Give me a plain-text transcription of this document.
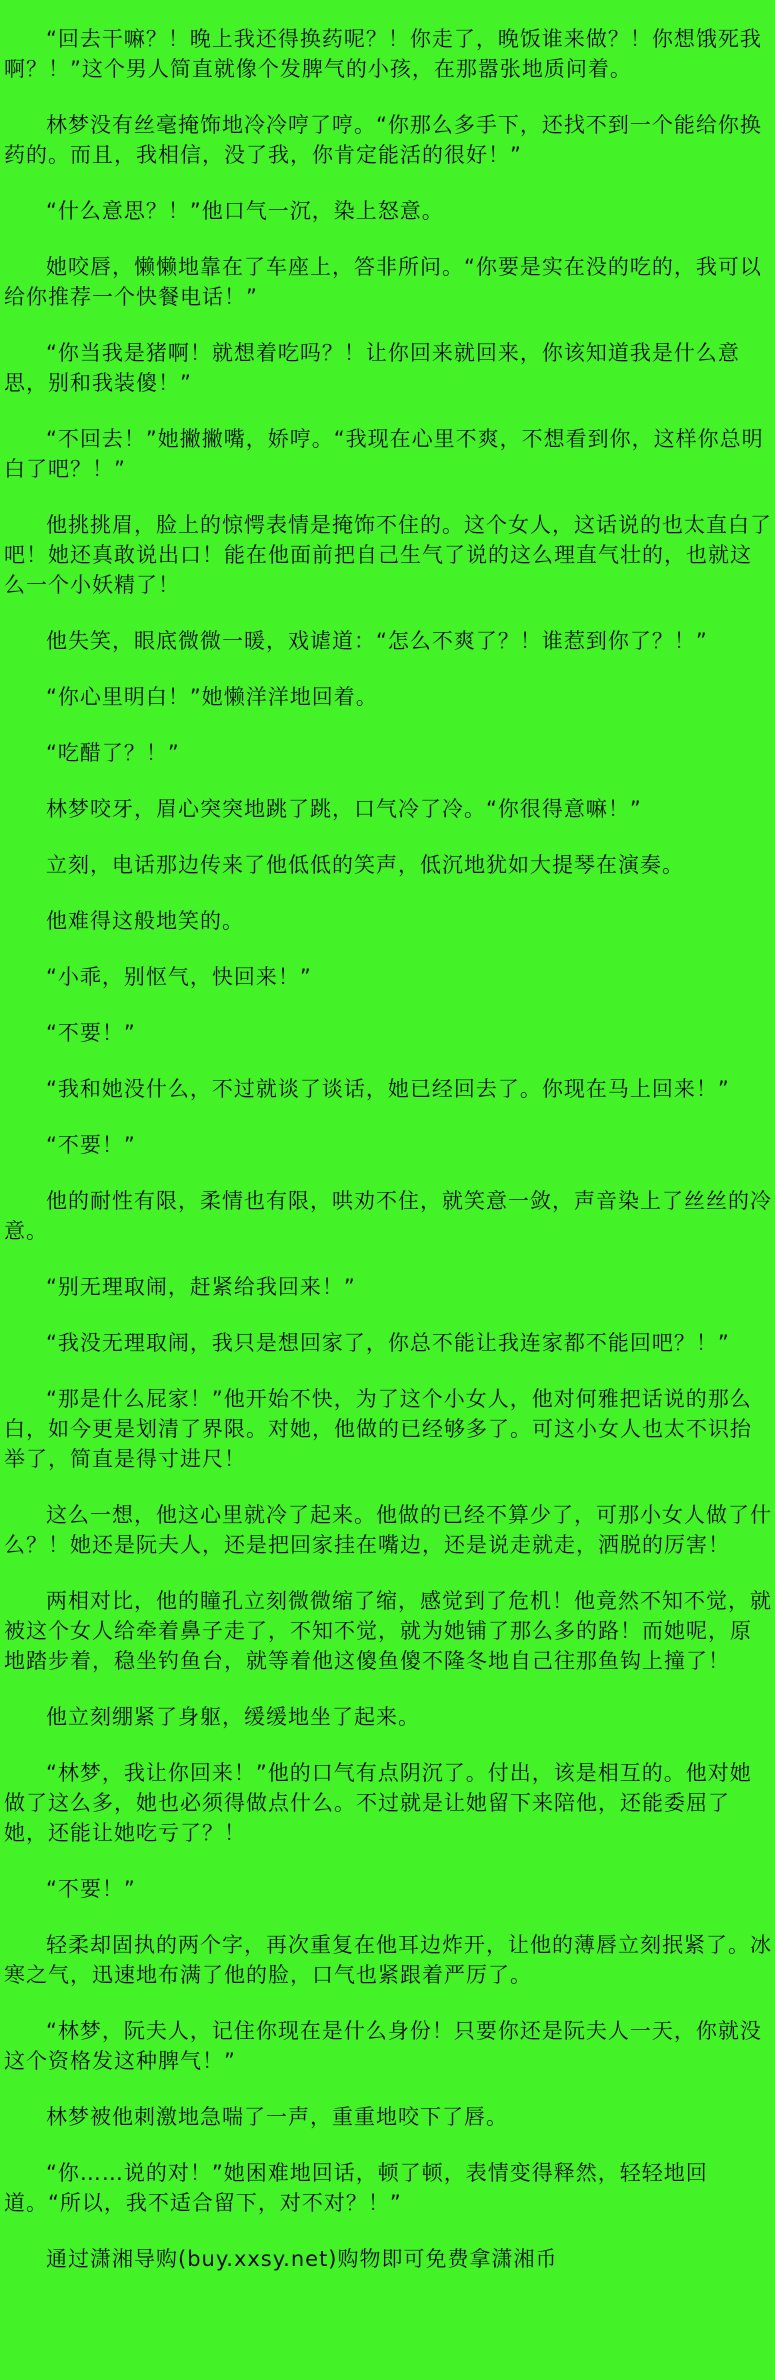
“回去干嘛？！晚上我还得换药呢？！你走了，晚饭谁来做？！你想饿死我啊？！”这个男人简直就像个发脾气的小孩，在那嚣张地质问着。

林梦没有丝毫掩饰地冷冷哼了哼。“你那么多手下，还找不到一个能给你换药的。而且，我相信，没了我，你肯定能活的很好！”

“什么意思？！”他口气一沉，染上怒意。

她咬唇，懒懒地靠在了车座上，答非所问。“你要是实在没的吃的，我可以给你推荐一个快餐电话！”

“你当我是猪啊！就想着吃吗？！让你回来就回来，你该知道我是什么意思，别和我装傻！”

“不回去！”她撇撇嘴，娇哼。“我现在心里不爽，不想看到你，这样你总明白了吧？！”

他挑挑眉，脸上的惊愕表情是掩饰不住的。这个女人，这话说的也太直白了吧！她还真敢说出口！能在他面前把自己生气了说的这么理直气壮的，也就这么一个小妖精了！

他失笑，眼底微微一暖，戏谑道：“怎么不爽了？！谁惹到你了？！”

“你心里明白！”她懒洋洋地回着。

“吃醋了？！”

林梦咬牙，眉心突突地跳了跳，口气冷了冷。“你很得意嘛！”

立刻，电话那边传来了他低低的笑声，低沉地犹如大提琴在演奏。

他难得这般地笑的。

“小乖，别怄气，快回来！”

“不要！”

“我和她没什么，不过就谈了谈话，她已经回去了。你现在马上回来！”

“不要！”

他的耐性有限，柔情也有限，哄劝不住，就笑意一敛，声音染上了丝丝的冷意。

“别无理取闹，赶紧给我回来！”

“我没无理取闹，我只是想回家了，你总不能让我连家都不能回吧？！”

“那是什么屁家！”他开始不快，为了这个小女人，他对何雅把话说的那么白，如今更是划清了界限。对她，他做的已经够多了。可这小女人也太不识抬举了，简直是得寸进尺！

这么一想，他这心里就冷了起来。他做的已经不算少了，可那小女人做了什么？！她还是阮夫人，还是把回家挂在嘴边，还是说走就走，洒脱的厉害！

两相对比，他的瞳孔立刻微微缩了缩，感觉到了危机！他竟然不知不觉，就被这个女人给牵着鼻子走了，不知不觉，就为她铺了那么多的路！而她呢，原地踏步着，稳坐钓鱼台，就等着他这傻鱼傻不隆冬地自己往那鱼钩上撞了！

他立刻绷紧了身躯，缓缓地坐了起来。

“林梦，我让你回来！”他的口气有点阴沉了。付出，该是相互的。他对她做了这么多，她也必须得做点什么。不过就是让她留下来陪他，还能委屈了她，还能让她吃亏了？！

“不要！”

轻柔却固执的两个字，再次重复在他耳边炸开，让他的薄唇立刻抿紧了。冰寒之气，迅速地布满了他的脸，口气也紧跟着严厉了。

“林梦，阮夫人，记住你现在是什么身份！只要你还是阮夫人一天，你就没这个资格发这种脾气！”

林梦被他刺激地急喘了一声，重重地咬下了唇。

“你……说的对！”她困难地回话，顿了顿，表情变得释然，轻轻地回道。“所以，我不适合留下，对不对？！”

通过潇湘导购(buy.xxsy.net)购物即可免费拿潇湘币
